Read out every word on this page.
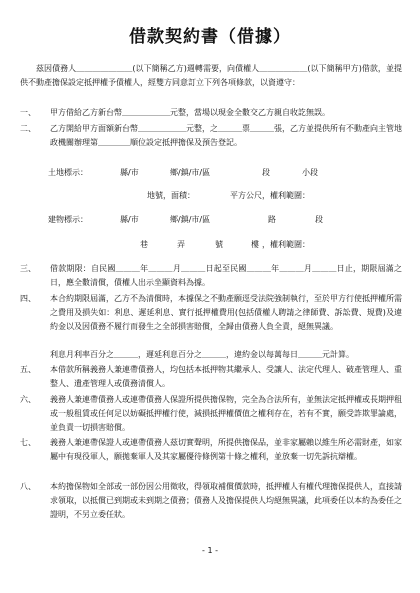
借款契約書（借據）
茲因債務人＿＿＿＿＿＿＿(以下簡稱乙方)週轉需要，向債權人＿＿＿＿＿＿(以下簡稱甲方)借款，並提供不動產擔保設定抵押權予債權人，經雙方同意訂立下列各項條款，以資遵守：
一、	甲方借給乙方新台幣＿＿＿＿＿＿元整，當場以現金全數交乙方親自收訖無誤。
二、	乙方開給甲方面額新台幣＿＿＿＿＿＿元整，之＿＿＿票＿＿＿張，乙方並提供所有不動產向主管地政機關辦理第＿＿＿＿順位設定抵押擔保及預告登記。
土地標示：	縣/市	鄉/鎮/市/區	段	小段
地號，面積：	平方公尺，權利範圍：
建物標示：	縣/市	鄉/鎮/市/區	路	段
巷	弄	號	樓 ，權利範圍：
三、	借款期限：自民國＿＿＿年＿＿＿月＿＿＿日起至民國＿＿＿年＿＿＿月＿＿＿日止，期限屆滿之日，應全數清償，債權人出示坐顯資料為據。
四、	本合約期限屆滿，乙方不為清償時，本據保之不動產願逕受法院強制執行，至於甲方行使抵押權所需之費用及損失如：利息、遲延利息、實行抵押權費用(包括債權人聘請之律師費、訴訟費、規費)及違約金以及因債務不履行而發生之全部損害賠償，全歸由債務人負全責，絕無異議。
利息月利率百分之＿＿＿，遲延利息百分之＿＿＿，違約金以每萬每日＿＿＿元計算。
五、	本借款所稱義務人兼連帶債務人，均包括本抵押物其繼承人、受讓人、法定代理人、破產管理人、重整人、遺產管理人或債務清償人。
六、	義務人兼連帶債務人或連帶債務人保證所提供擔保物，完全為合法所有，並無法定抵押權或長期押租或一般租賃或任何足以妨礙抵押權行使，減損抵押權價值之權利存在，若有不實，願受詐欺罪論處，並負責一切損害賠償。
七、	義務人兼連帶保證人或連帶債務人茲切實聲明，所提供擔保品，並非家屬賴以維生所必需財產，如家屬中有現役軍人，願拋棄軍人及其家屬優待條例第十條之權利，並放棄一切先訴抗辯權。
八、	本約擔保物如全部或一部份因公用徵收，得領取補償價款時，抵押權人有權代理擔保提供人，直接請求領取，以抵償已到期或未到期之債務；債務人及擔保提供人均絕無異議，此項委任以本約為委任之證明，不另立委任狀。
- 1 -
